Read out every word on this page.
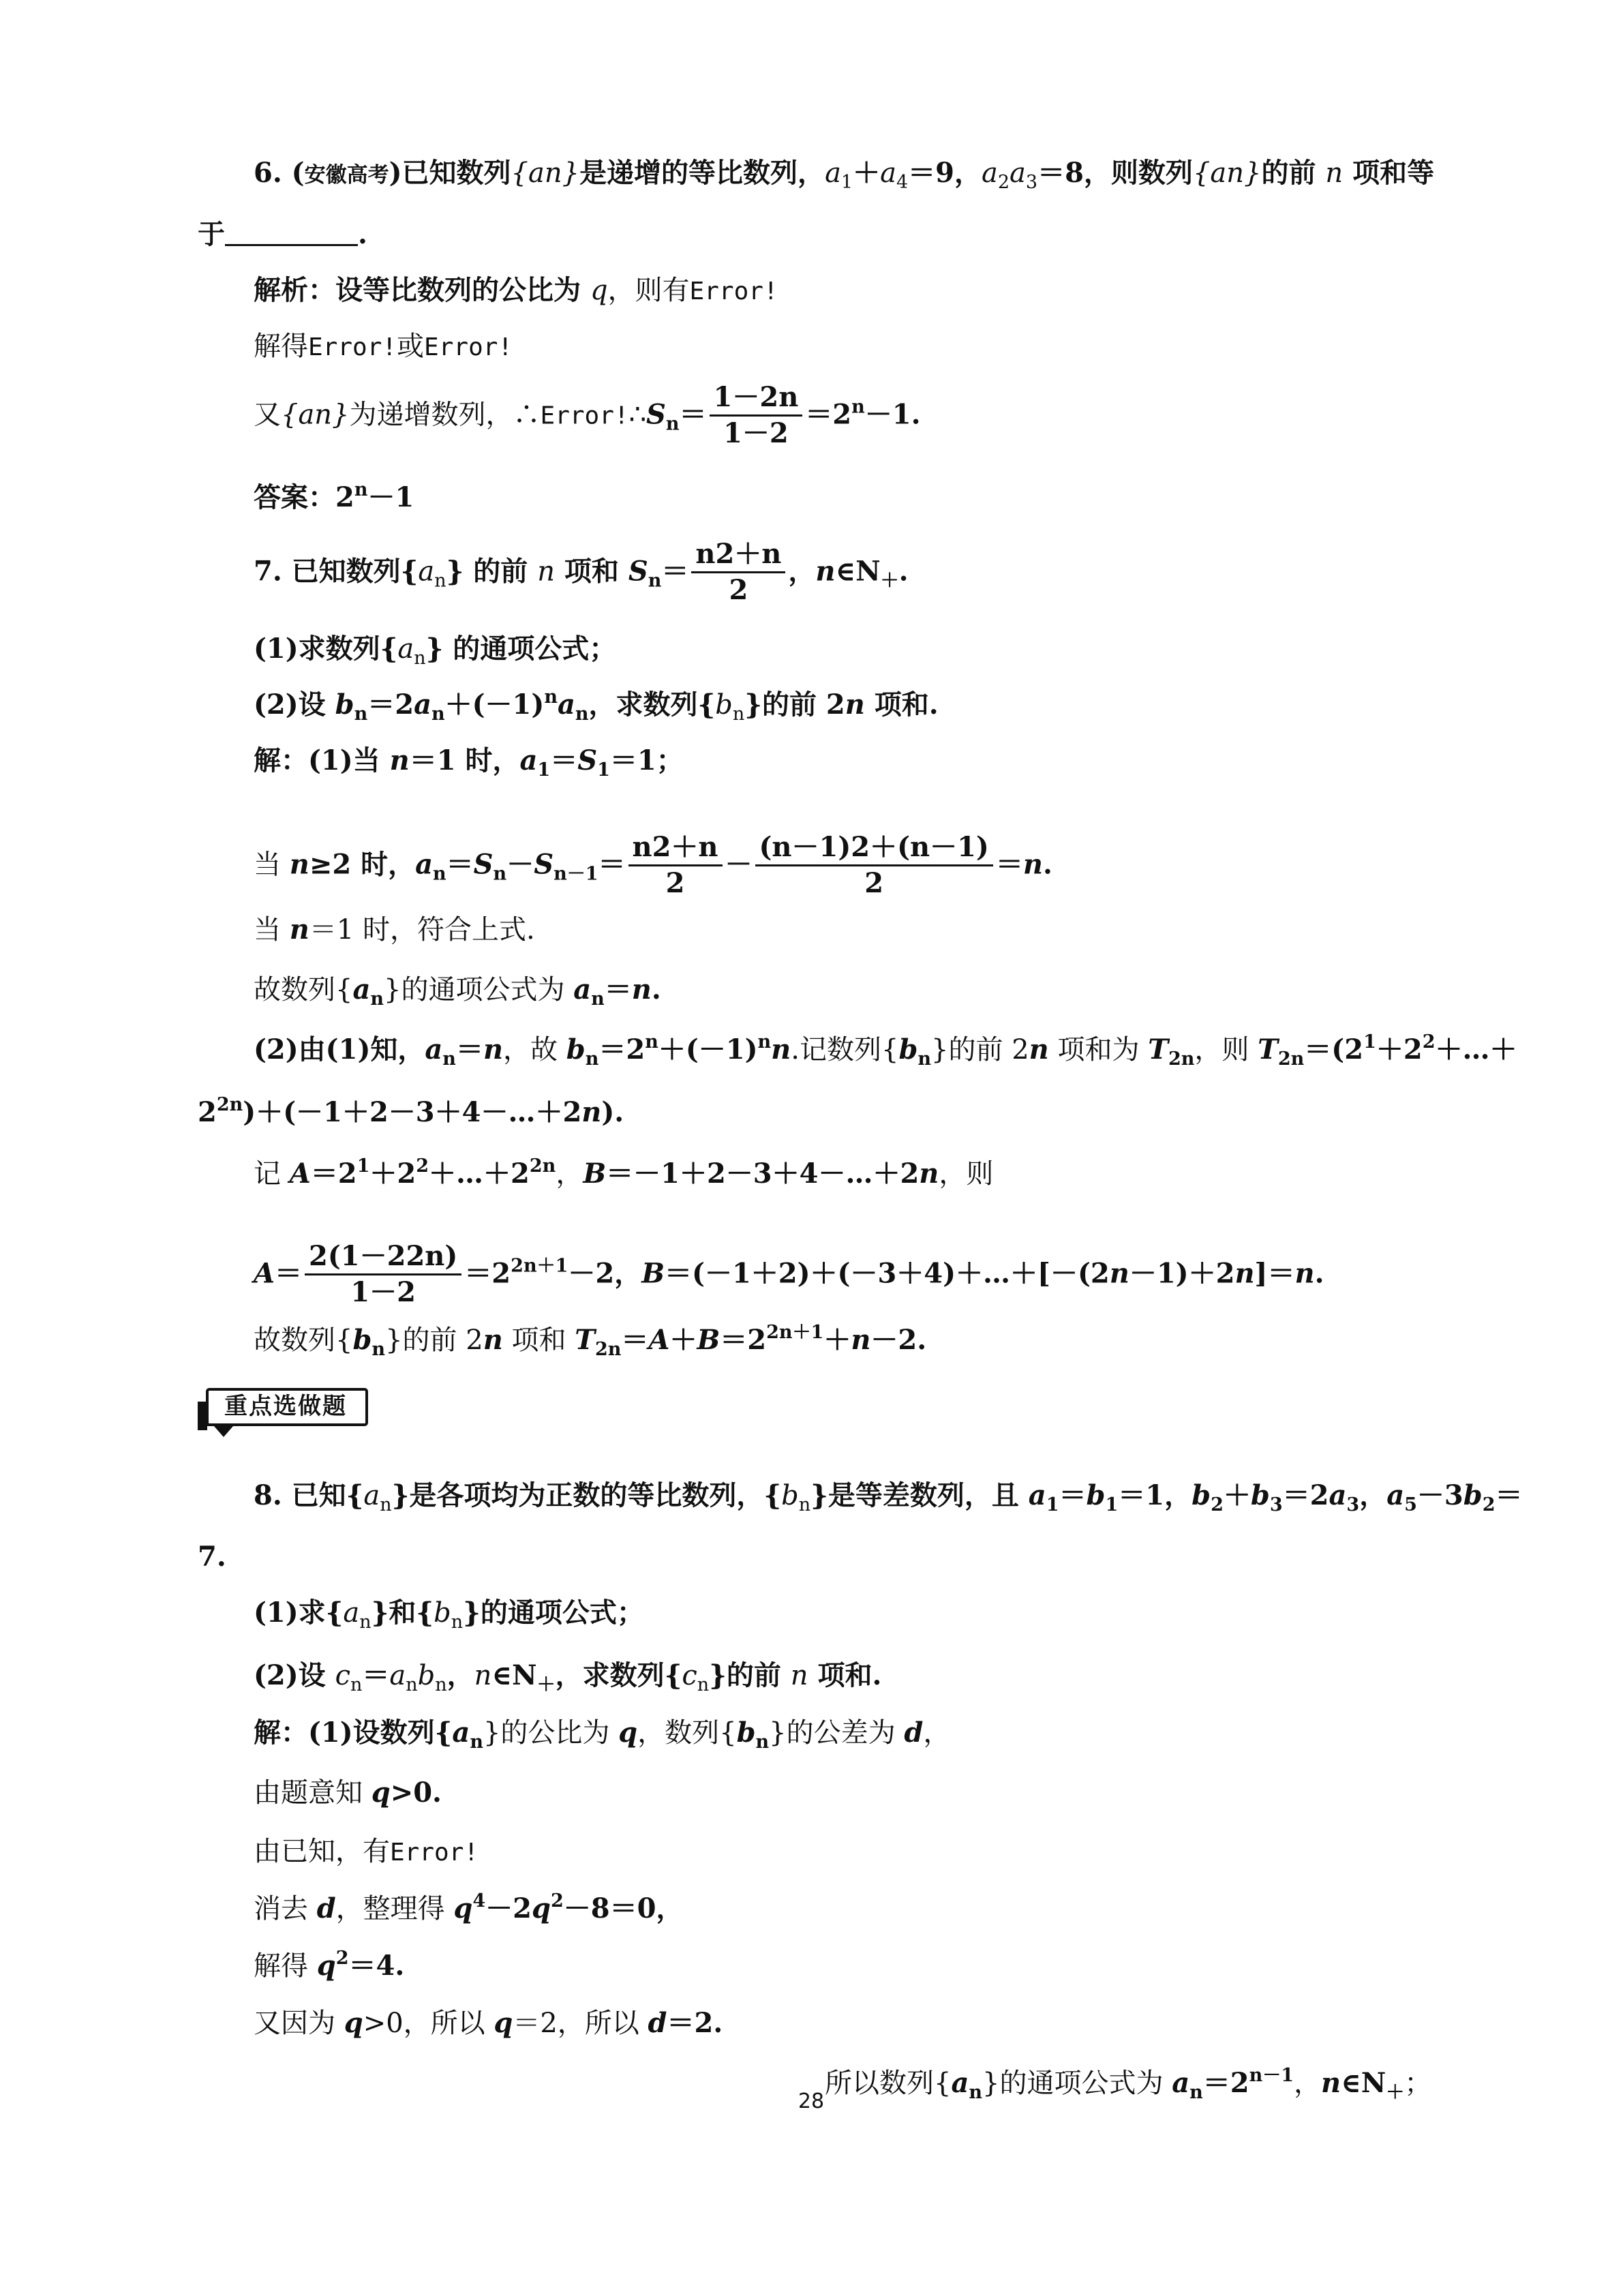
6. (安徽高考)已知数列{an}是递增的等比数列，$a_1+a_4=9$，$a_2a_3=8$，则数列{an}的前 n 项和等
于	.
解析：设等比数列的公比为 q，则有Error!
解得Error!或Error!
又{an}为递增数列，$\therefore Error!\therefore S_n= \frac{1-2n}{1-2} =2^n-1$.
答案：$2^n-1$
7. 已知数列$\{a_n\}$ 的前 n 项和 $S_n= \frac{n2+n}{2}$ ，$n\in N_+$.
(1)求数列$\{a_n\}$ 的通项公式；
(2)设 $b_n=2a_n+(-1)^na_n$，求数列$\{b_n\}$的前 2n 项和.
解：(1)当 n＝1 时，$a_1=S_1=1$；
当 n≥2 时，$a_n=S_n-S_{n-1}= \frac{n2+n}{2} - \frac{(n-1)2+(n-1)}{2} =n$.
当 n＝1 时，符合上式.
故数列$\{a_n\}$的通项公式为 $a_n=n$.
(2)由(1)知，$a_n=n$，故 $b_n=2^n+(-1)^nn$.记数列$\{b_n\}$的前 2n 项和为 $T_{2n}$，则 $T_{2n}=(2^1+2^2+\dots+$
$2^{2n})+(-1+2-3+4-\dots+2n)$.
记 $A=2^1+2^2+\dots+2^{2n}$，B＝－1＋2－3＋4－…＋2n，则
$A= \frac{2(1-22n)}{1-2} =2^{2n+1}-2$，B＝(－1＋2)＋(－3＋4)＋…＋[－(2n－1)＋2n]＝n.
故数列$\{b_n\}$的前 2n 项和 $T_{2n}=A+B=2^{2n+1}+n-2$.
重点选做题
8. 已知$\{a_n\}$是各项均为正数的等比数列，$\{b_n\}$是等差数列，且 $a_1=b_1=1$，$b_2+b_3=2a_3$，$a_5-3b_2=$
7.
(1)求$\{a_n\}$和$\{b_n\}$的通项公式；
(2)设 $c_n=a_nb_n$，$n\in N_+$，求数列$\{c_n\}$的前 n 项和.
解：(1)设数列$\{a_n\}$的公比为 q，数列$\{b_n\}$的公差为 d，
由题意知 q>0.
由已知，有Error!
消去 d，整理得 $q^4-2q^2-8=0$，
解得 $q^2=4$.
又因为 q>0，所以 q＝2，所以 d＝2.
所以数列$\{a_n\}$的通项公式为 $a_n=2^{n-1}$，$n\in N_+$；
28
